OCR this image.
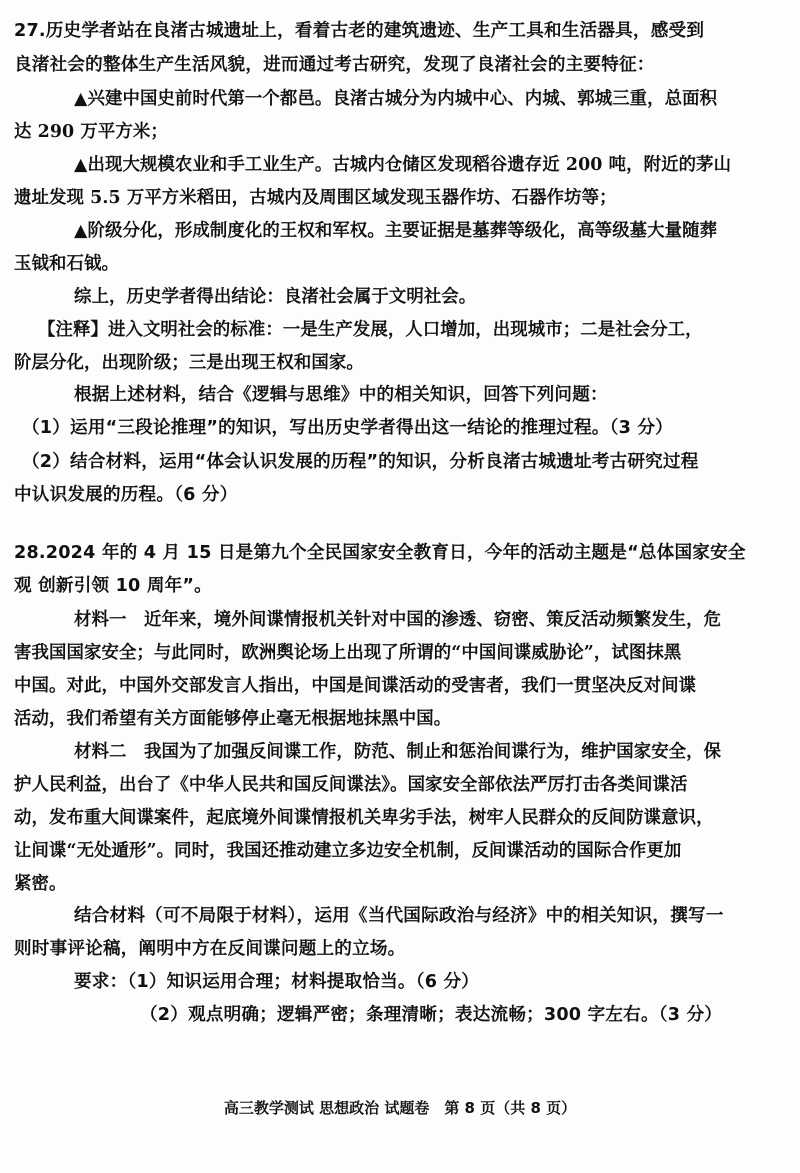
27.历史学者站在良渚古城遗址上，看着古老的建筑遗迹、生产工具和生活器具，感受到
良渚社会的整体生产生活风貌，进而通过考古研究，发现了良渚社会的主要特征：
▲兴建中国史前时代第一个都邑。良渚古城分为内城中心、内城、郭城三重，总面积
达 290 万平方米；
▲出现大规模农业和手工业生产。古城内仓储区发现稻谷遗存近 200 吨，附近的茅山
遗址发现 5.5 万平方米稻田，古城内及周围区域发现玉器作坊、石器作坊等；
▲阶级分化，形成制度化的王权和军权。主要证据是墓葬等级化，高等级墓大量随葬
玉钺和石钺。
综上，历史学者得出结论：良渚社会属于文明社会。
【注释】进入文明社会的标准：一是生产发展，人口增加，出现城市；二是社会分工，
阶层分化，出现阶级；三是出现王权和国家。
根据上述材料，结合《逻辑与思维》中的相关知识，回答下列问题：
（1）运用“三段论推理”的知识，写出历史学者得出这一结论的推理过程。（3 分）
（2）结合材料，运用“体会认识发展的历程”的知识，分析良渚古城遗址考古研究过程
中认识发展的历程。（6 分）
28.2024 年的 4 月 15 日是第九个全民国家安全教育日，今年的活动主题是“总体国家安全
观 创新引领 10 周年”。
材料一　近年来，境外间谍情报机关针对中国的渗透、窃密、策反活动频繁发生，危
害我国国家安全；与此同时，欧洲舆论场上出现了所谓的“中国间谍威胁论”，试图抹黑
中国。对此，中国外交部发言人指出，中国是间谍活动的受害者，我们一贯坚决反对间谍
活动，我们希望有关方面能够停止毫无根据地抹黑中国。
材料二　我国为了加强反间谍工作，防范、制止和惩治间谍行为，维护国家安全，保
护人民利益，出台了《中华人民共和国反间谍法》。国家安全部依法严厉打击各类间谍活
动，发布重大间谍案件，起底境外间谍情报机关卑劣手法，树牢人民群众的反间防谍意识，
让间谍“无处遁形”。同时，我国还推动建立多边安全机制，反间谍活动的国际合作更加
紧密。
结合材料（可不局限于材料），运用《当代国际政治与经济》中的相关知识，撰写一
则时事评论稿，阐明中方在反间谍问题上的立场。
要求：（1）知识运用合理；材料提取恰当。（6 分）
（2）观点明确；逻辑严密；条理清晰；表达流畅；300 字左右。（3 分）
高三教学测试 思想政治 试题卷　第 8 页（共 8 页）
